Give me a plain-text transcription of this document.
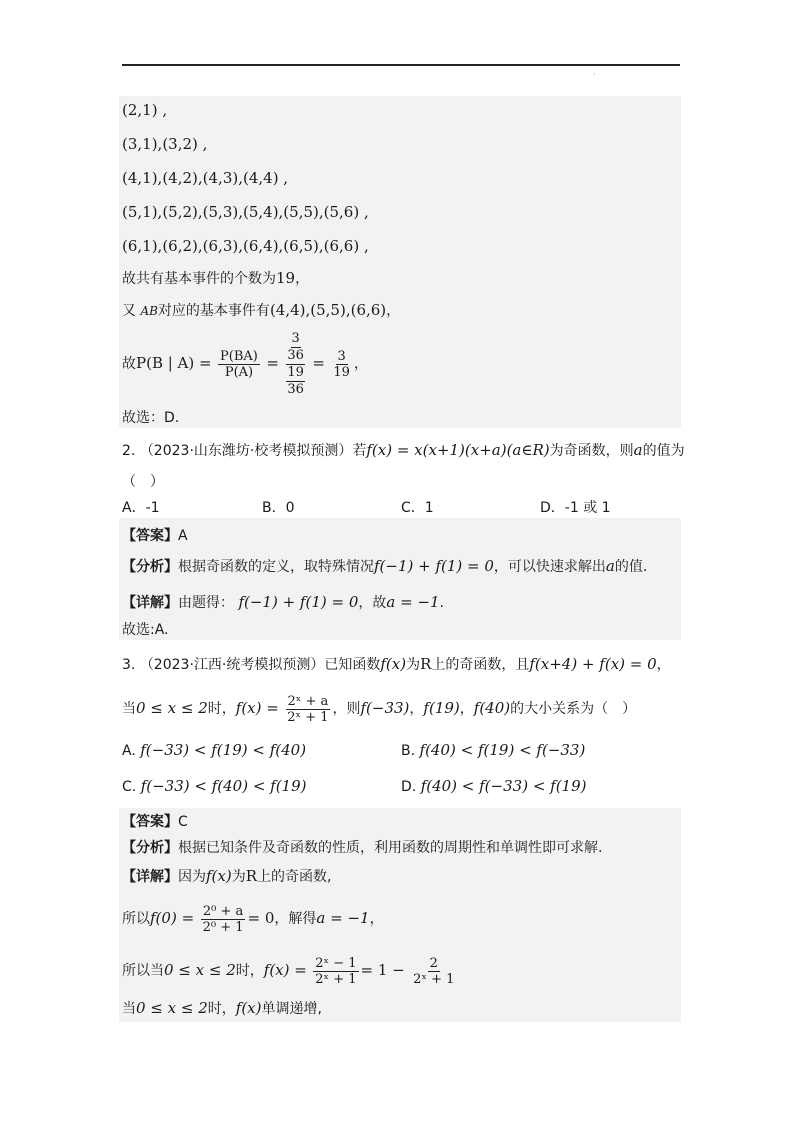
·
(2,1) ,
(3,1),(3,2) ,
(4,1),(4,2),(4,3),(4,4) ,
(5,1),(5,2),(5,3),(5,4),(5,5),(5,6) ,
(6,1),(6,2),(6,3),(6,4),(6,5),(6,6) ,
故共有基本事件的个数为19，
又 AB对应的基本事件有(4,4),(5,5),(6,6)，
故P(B | $A) = \frac{P(BA)}{P(A)}$ =
3
36
19
36
= $\frac{3}{19}$ ，
故选：D.
2. （2023·山东潍坊·校考模拟预测）若f(x) = x(x+1)(x+a)(a∈R)为奇函数，则a的值为
（　）
A．-1	B．0	C．1	D．-1 或 1
【答案】A
【分析】根据奇函数的定义，取特殊情况f(−1) + f(1) = 0，可以快速求解出a的值.
【详解】由题得： f(−1) + f(1) = 0，故a = −1.
故选:A.
3. （2023·江西·统考模拟预测）已知函数f(x)为R上的奇函数，且f(x+4) + f(x) = 0，
当0 ≤ x ≤ 2时，$f(x) = \frac{\text{2ˣ + a}}{\text{2ˣ + 1}}$ ，则f(−33)，f(19)，f(40)的大小关系为（　）
A. f(−33) < f(19) < f(40)	B. f(40) < f(19) < f(−33)
C. f(−33) < f(40) < f(19)	D. f(40) < f(−33) < f(19)
【答案】C
【分析】根据已知条件及奇函数的性质，利用函数的周期性和单调性即可求解.
【详解】因为f(x)为R上的奇函数,
所以$f(0) = \frac{\text{2⁰ + a}}{\text{2⁰ + 1}} = 0$，解得a = −1，
所以当0 ≤ x ≤ 2时，$f(x) = \frac{\text{2ˣ − 1}}{\text{2ˣ + 1}} = 1 - \frac{2}{\text{2ˣ + 1}}$
当0 ≤ x ≤ 2时，f(x)单调递增,
